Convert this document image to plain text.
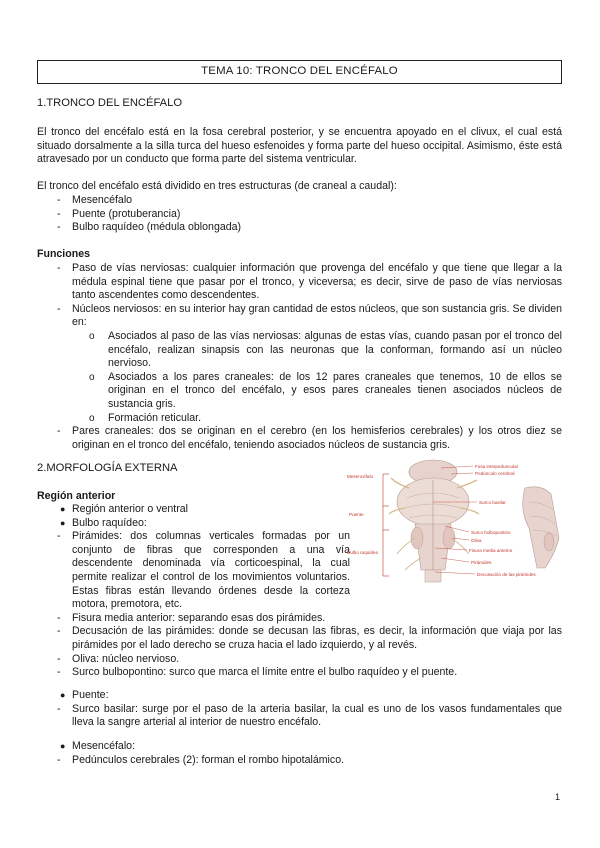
TEMA 10: TRONCO DEL ENCÉFALO
1.TRONCO DEL ENCÉFALO
El tronco del encéfalo está en la fosa cerebral posterior, y se encuentra apoyado en el clivux, el cual está situado dorsalmente a la silla turca del hueso esfenoides y forma parte del hueso occipital. Asimismo, éste está atravesado por un conducto que forma parte del sistema ventricular.
El tronco del encéfalo está dividido en tres estructuras (de craneal a caudal):
- Mesencéfalo
- Puente (protuberancia)
- Bulbo raquídeo (médula oblongada)
Funciones
- Paso de vías nerviosas: cualquier información que provenga del encéfalo y que tiene que llegar a la médula espinal tiene que pasar por el tronco, y viceversa; es decir, sirve de paso de vías nerviosas tanto ascendentes como descendentes.
- Núcleos nerviosos: en su interior hay gran cantidad de estos núcleos, que son sustancia gris. Se dividen en:
o Asociados al paso de las vías nerviosas: algunas de estas vías, cuando pasan por el tronco del encéfalo, realizan sinapsis con las neuronas que la conforman, formando así un núcleo nervioso.
o Asociados a los pares craneales: de los 12 pares craneales que tenemos, 10 de ellos se originan en el tronco del encéfalo, y esos pares craneales tienen asociados núcleos de sustancia gris.
o Formación reticular.
- Pares craneales: dos se originan en el cerebro (en los hemisferios cerebrales) y los otros diez se originan en el tronco del encéfalo, teniendo asociados núcleos de sustancia gris.
2.MORFOLOGÍA EXTERNA
Región anterior
● Región anterior o ventral
● Bulbo raquídeo:
- Pirámides: dos columnas verticales formadas por un conjunto de fibras que corresponden a una vía descendente denominada vía corticoespinal, la cual permite realizar el control de los movimientos voluntarios. Estas fibras están llevando órdenes desde la corteza motora, premotora, etc.
- Fisura media anterior: separando esas dos pirámides.
- Decusación de las pirámides: donde se decusan las fibras, es decir, la información que viaja por las pirámides por el lado derecho se cruza hacia el lado izquierdo, y al revés.
- Oliva: núcleo nervioso.
- Surco bulbopontino: surco que marca el límite entre el bulbo raquídeo y el puente.
● Puente:
- Surco basilar: surge por el paso de la arteria basilar, la cual es uno de los vasos fundamentales que lleva la sangre arterial al interior de nuestro encéfalo.
● Mesencéfalo:
- Pedúnculos cerebrales (2): forman el rombo hipotalámico.
Mesencéfalo
Puente
Bulbo raquídeo
Fosa interpeduncular
Pedúnculo cerebral
Surco basilar
Surco bulbopontino
Oliva
Fisura media anterior
Pirámides
Decusación de las pirámides
1
